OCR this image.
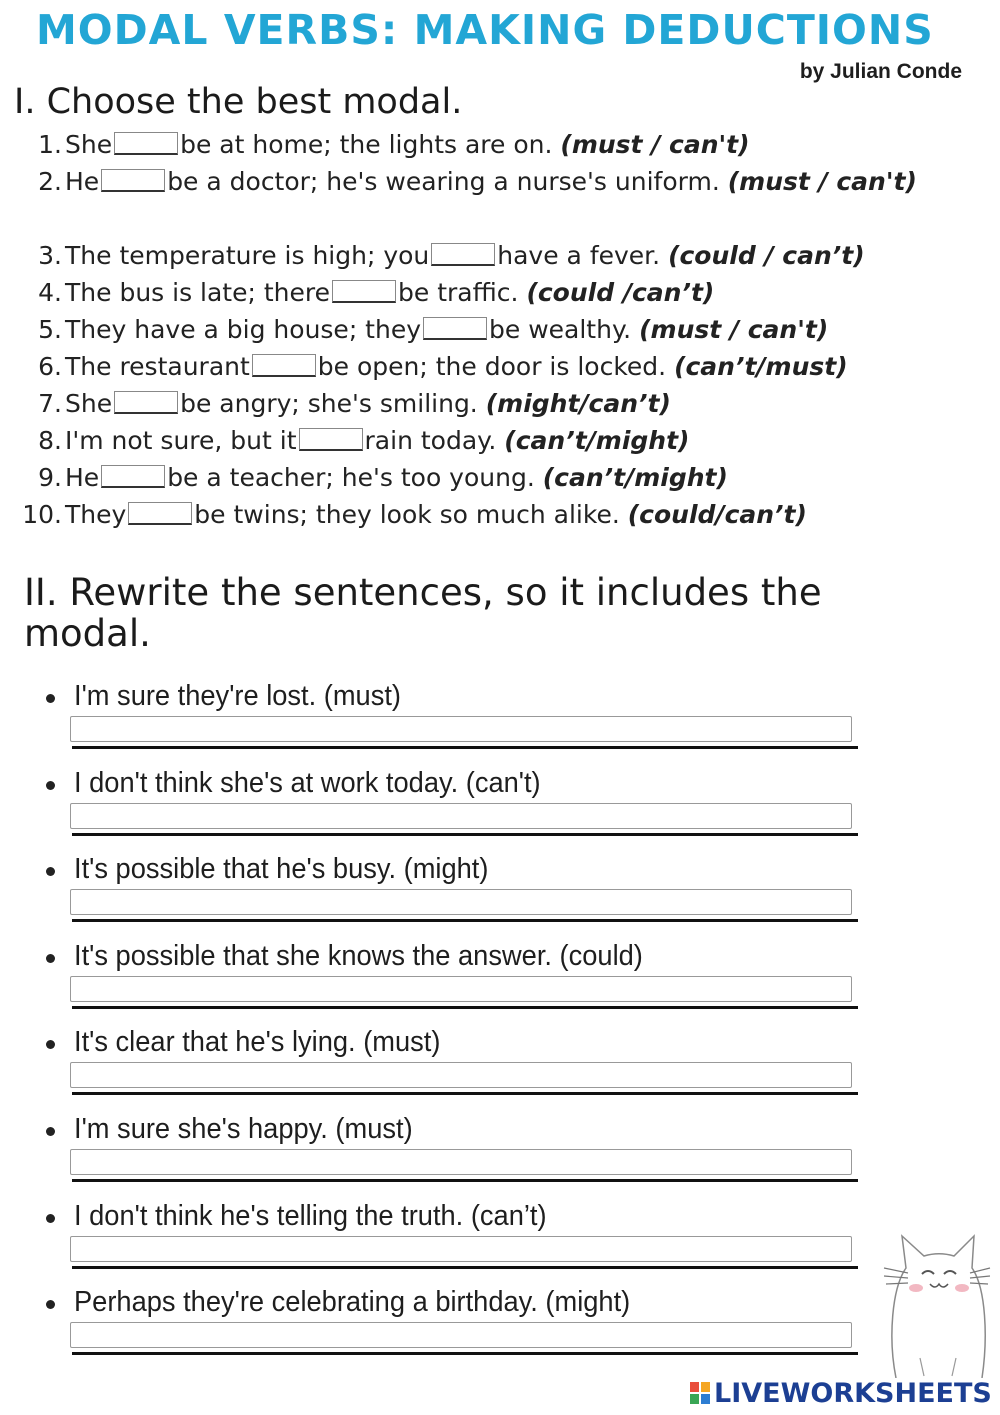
MODAL VERBS: MAKING DEDUCTIONS
by Julian Conde
I. Choose the best modal.
1. She	be at home; the lights are on. (must / can't)
2. He	be a doctor; he's wearing a nurse's uniform. (must / can't)
3. The temperature is high; you	have a fever. (could / can’t)
4. The bus is late; there	be traffic. (could /can’t)
5. They have a big house; they	be wealthy. (must / can't)
6. The restaurant	be open; the door is locked. (can’t/must)
7. She	be angry; she's smiling. (might/can’t)
8. I'm not sure, but it	rain today. (can’t/might)
9. He	be a teacher; he's too young. (can’t/might)
10. They	be twins; they look so much alike. (could/can’t)
II. Rewrite the sentences, so it includes the modal.
I'm sure they're lost. (must)
I don't think she's at work today. (can't)
It's possible that he's busy. (might)
It's possible that she knows the answer. (could)
It's clear that he's lying. (must)
I'm sure she's happy. (must)
I don't think he's telling the truth. (can’t)
Perhaps they're celebrating a birthday. (might)
LIVEWORKSHEETS
